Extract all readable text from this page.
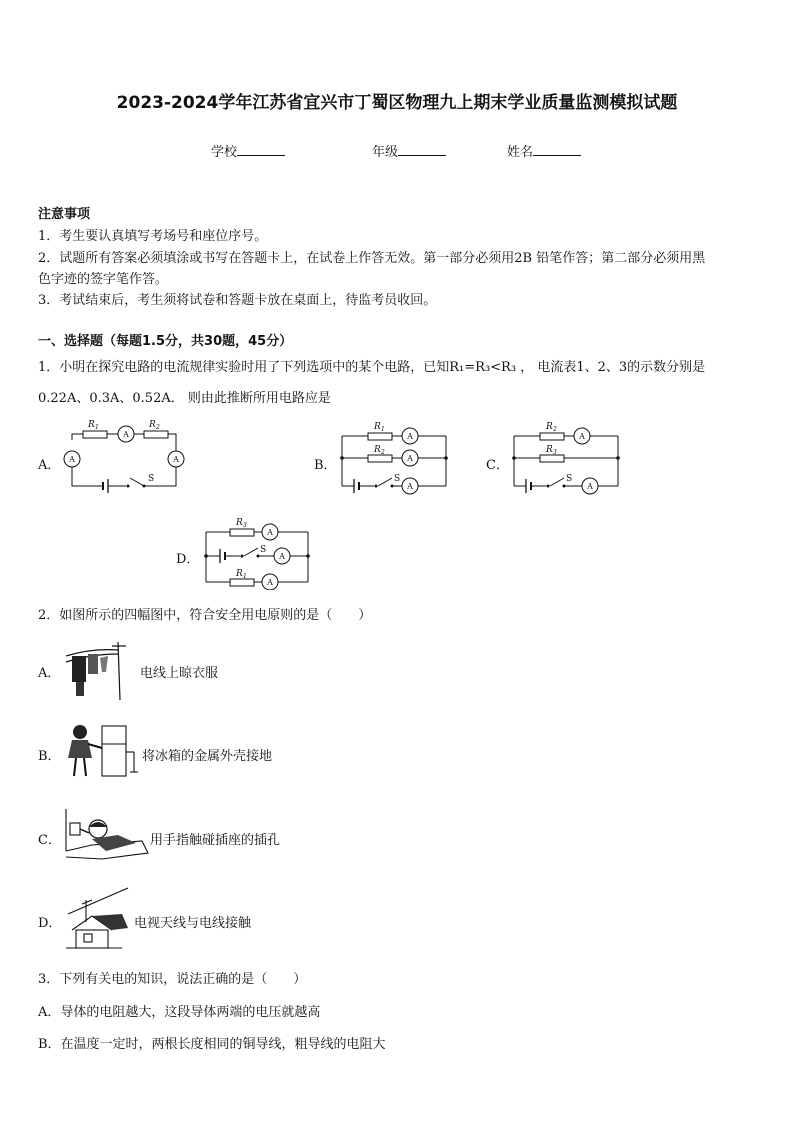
2023-2024学年江苏省宜兴市丁蜀区物理九上期末学业质量监测模拟试题
学校	年级	姓名
注意事项
1．考生要认真填写考场号和座位序号。
2．试题所有答案必须填涂或书写在答题卡上，在试卷上作答无效。第一部分必须用2B 铅笔作答；第二部分必须用黑
色字迹的签字笔作答。
3．考试结束后，考生须将试卷和答题卡放在桌面上，待监考员收回。
一、选择题（每题1.5分，共30题，45分）
1．小明在探究电路的电流规律实验时用了下列选项中的某个电路，已知R₁=R₃<R₃ ， 电流表1、2、3的示数分别是
0.22A、0.3A、0.52A． 则由此推断所用电路应是
A．	B．	C．
D．
R 1	R 2
S
A
A
A
R 1
R 2
S
A
A
A
R 2
R 3
S
A
A
R 3
S
R 1
A
A
A
2．如图所示的四幅图中，符合安全用电原则的是（　　）
A．	电线上晾衣服
B．	将冰箱的金属外壳接地
C．	用手指触碰插座的插孔
D．	电视天线与电线接触
3．下列有关电的知识，说法正确的是（　　）
A．导体的电阻越大，这段导体两端的电压就越高
B．在温度一定时，两根长度相同的铜导线，粗导线的电阻大
